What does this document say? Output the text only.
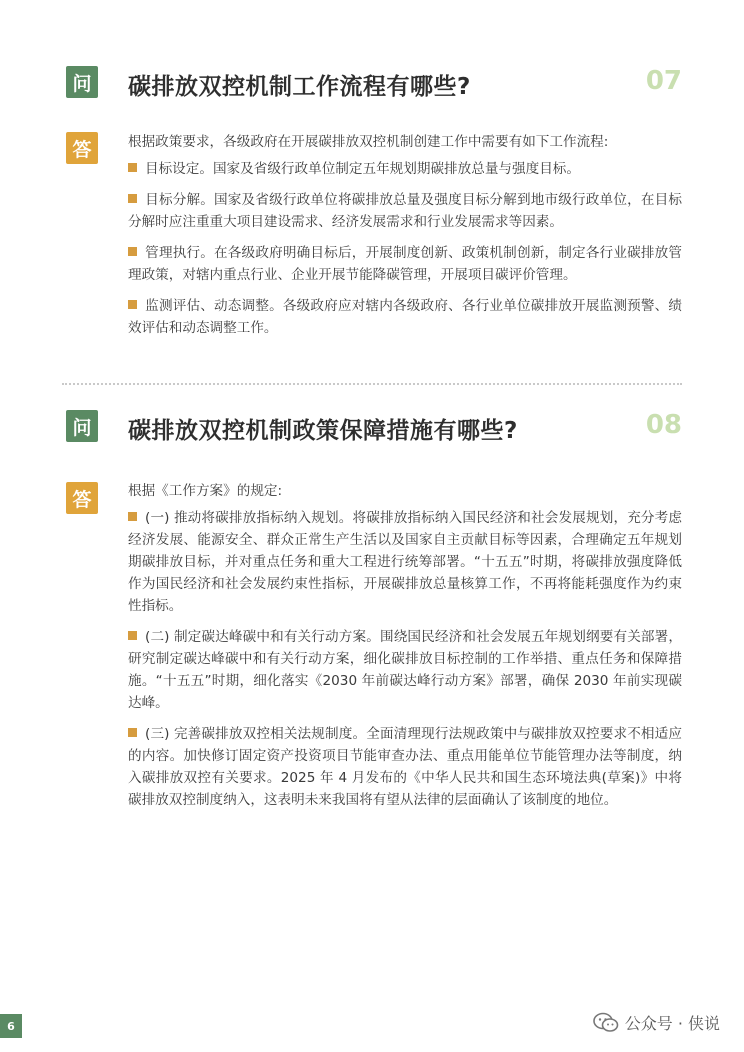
问 碳排放双控机制工作流程有哪些?	07
答	根据政策要求，各级政府在开展碳排放双控机制创建工作中需要有如下工作流程:

目标设定。国家及省级行政单位制定五年规划期碳排放总量与强度目标。

目标分解。国家及省级行政单位将碳排放总量及强度目标分解到地市级行政单位，在目标分解时应注重重大项目建设需求、经济发展需求和行业发展需求等因素。

管理执行。在各级政府明确目标后，开展制度创新、政策机制创新，制定各行业碳排放管理政策，对辖内重点行业、企业开展节能降碳管理，开展项目碳评价管理。

监测评估、动态调整。各级政府应对辖内各级政府、各行业单位碳排放开展监测预警、绩效评估和动态调整工作。

问 碳排放双控机制政策保障措施有哪些?	08
答	根据《工作方案》的规定:

(一) 推动将碳排放指标纳入规划。将碳排放指标纳入国民经济和社会发展规划，充分考虑经济发展、能源安全、群众正常生产生活以及国家自主贡献目标等因素，合理确定五年规划期碳排放目标，并对重点任务和重大工程进行统筹部署。“十五五”时期，将碳排放强度降低作为国民经济和社会发展约束性指标，开展碳排放总量核算工作，不再将能耗强度作为约束性指标。

(二) 制定碳达峰碳中和有关行动方案。围绕国民经济和社会发展五年规划纲要有关部署，研究制定碳达峰碳中和有关行动方案，细化碳排放目标控制的工作举措、重点任务和保障措施。“十五五”时期，细化落实《2030 年前碳达峰行动方案》部署，确保 2030 年前实现碳达峰。

(三) 完善碳排放双控相关法规制度。全面清理现行法规政策中与碳排放双控要求不相适应的内容。加快修订固定资产投资项目节能审查办法、重点用能单位节能管理办法等制度，纳入碳排放双控有关要求。2025 年 4 月发布的《中华人民共和国生态环境法典(草案)》中将碳排放双控制度纳入，这表明未来我国将有望从法律的层面确认了该制度的地位。

6	公众号 · 侠说
